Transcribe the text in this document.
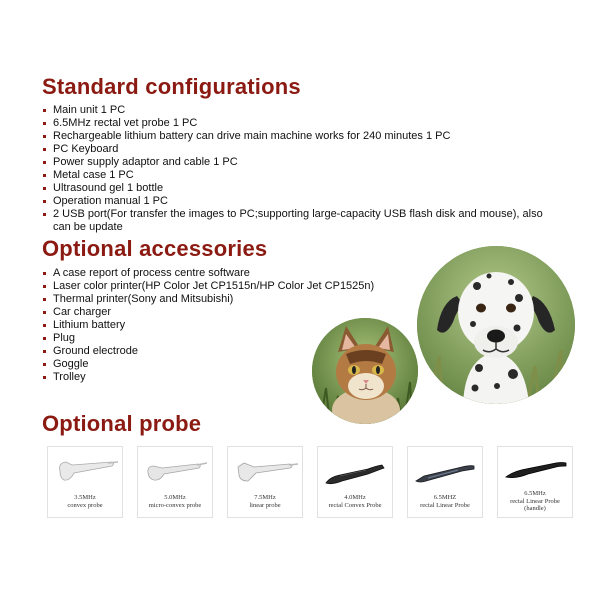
Standard configurations
Main unit 1 PC
6.5MHz rectal vet probe 1 PC
Rechargeable lithium battery can drive main machine works for 240 minutes 1 PC
PC Keyboard
Power supply adaptor and cable 1 PC
Metal case 1 PC
Ultrasound gel 1 bottle
Operation manual 1 PC
2 USB port(For transfer the images to PC;supporting large-capacity USB flash disk and mouse), also can be update
Optional accessories
A case report of process centre software
Laser color printer(HP Color Jet CP1515n/HP Color Jet CP1525n)
Thermal printer(Sony and Mitsubishi)
Car charger
Lithium battery
Plug
Ground electrode
Goggle
Trolley
Optional probe
3.5MHz
convex probe
5.0MHz
micro-convex probe
7.5MHz
linear probe
4.0MHz
rectal Convex Probe
6.5MHZ
rectal Linear Probe
6.5MHz
rectal Linear Probe
(handle)
